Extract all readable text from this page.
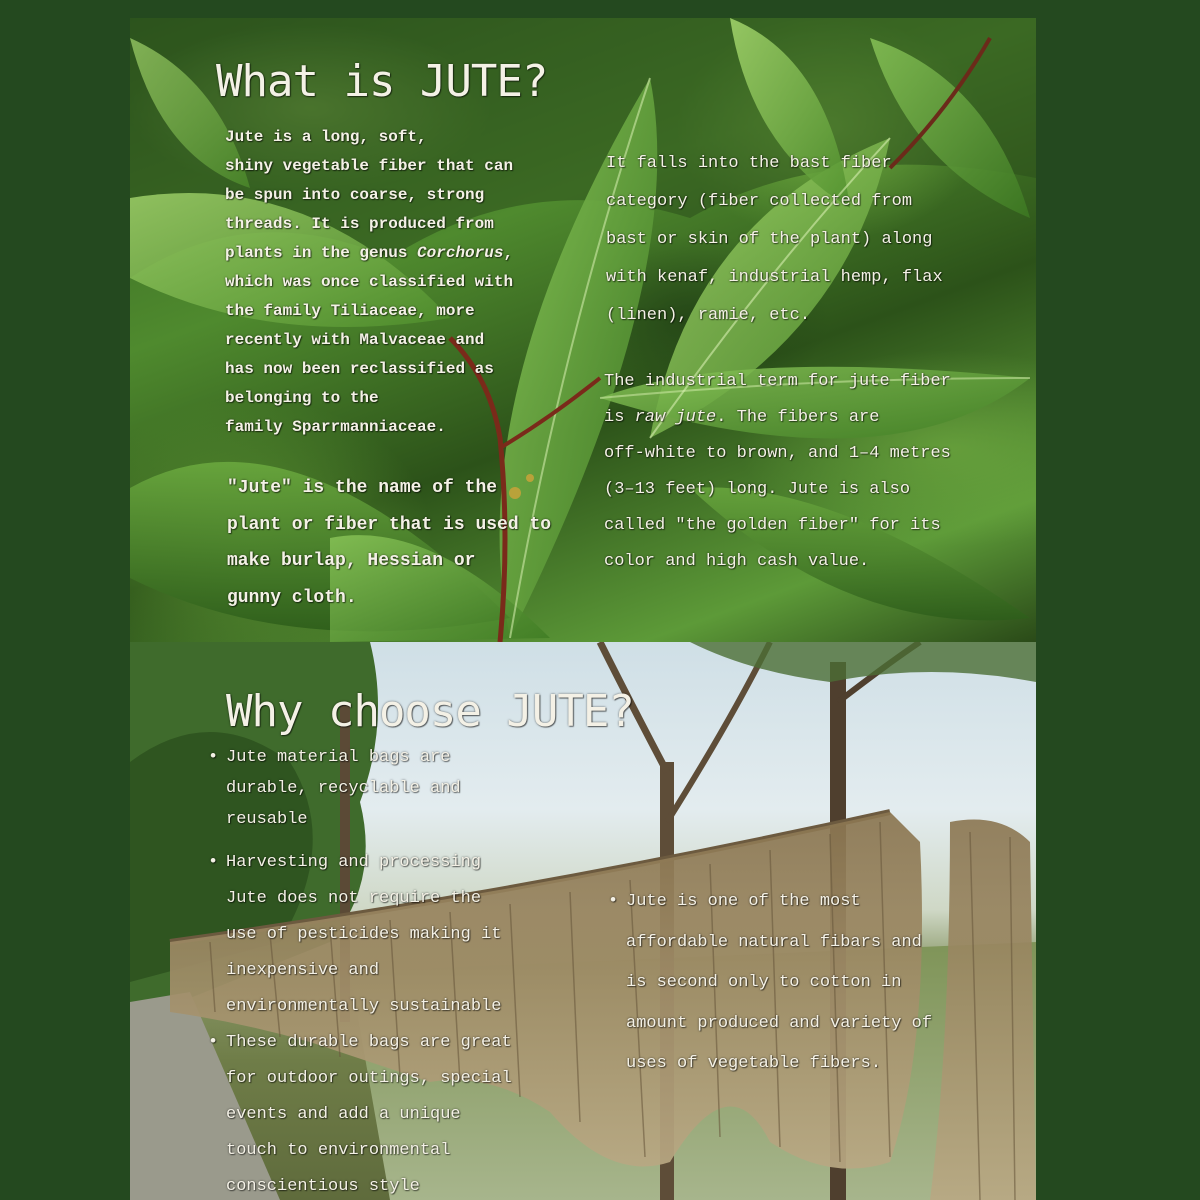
What is JUTE?
Jute is a long, soft,
shiny vegetable fiber that can
be spun into coarse, strong
threads. It is produced from
plants in the genus Corchorus,
which was once classified with
the family Tiliaceae, more
recently with Malvaceae and
has now been reclassified as
belonging to the
family Sparrmanniaceae.
"Jute" is the name of the
plant or fiber that is used to
make burlap, Hessian or
gunny cloth.
It falls into the bast fiber
category (fiber collected from
bast or skin of the plant) along
with kenaf, industrial hemp, flax
(linen), ramie, etc.
The industrial term for jute fiber
is raw jute. The fibers are
off-white to brown, and 1–4 metres
(3–13 feet) long. Jute is also
called "the golden fiber" for its
color and high cash value.
Why choose JUTE?
• Jute material bags are
durable, recyclable and
reusable
• Harvesting and processing
Jute does not require the
use of pesticides making it
inexpensive and
environmentally sustainable
• These durable bags are great
for outdoor outings, special
events and add a unique
touch to environmental
conscientious style
• Jute is one of the most
affordable natural fibars and
is second only to cotton in
amount produced and variety of
uses of vegetable fibers.
